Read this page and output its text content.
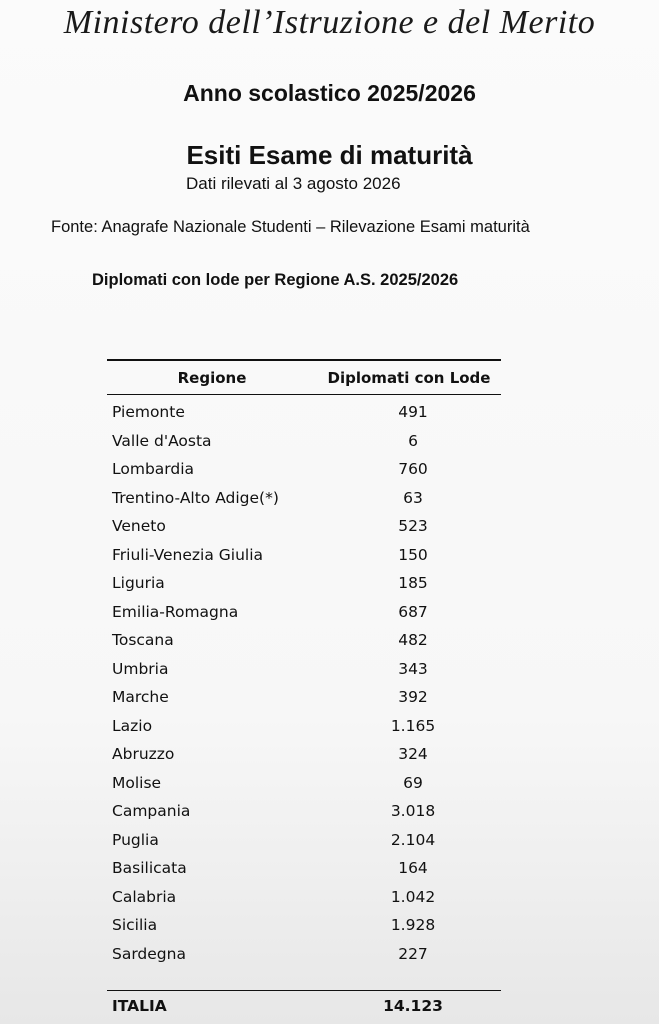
Ministero dell’Istruzione e del Merito
Anno scolastico 2025/2026
Esiti Esame di maturità
Dati rilevati al 3 agosto 2026
Fonte: Anagrafe Nazionale Studenti – Rilevazione Esami maturità
Diplomati con lode per Regione A.S. 2025/2026
Regione	Diplomati con Lode
Piemonte	491
Valle d'Aosta	6
Lombardia	760
Trentino-Alto Adige(*)	63
Veneto	523
Friuli-Venezia Giulia	150
Liguria	185
Emilia-Romagna	687
Toscana	482
Umbria	343
Marche	392
Lazio	1.165
Abruzzo	324
Molise	69
Campania	3.018
Puglia	2.104
Basilicata	164
Calabria	1.042
Sicilia	1.928
Sardegna	227
ITALIA	14.123
